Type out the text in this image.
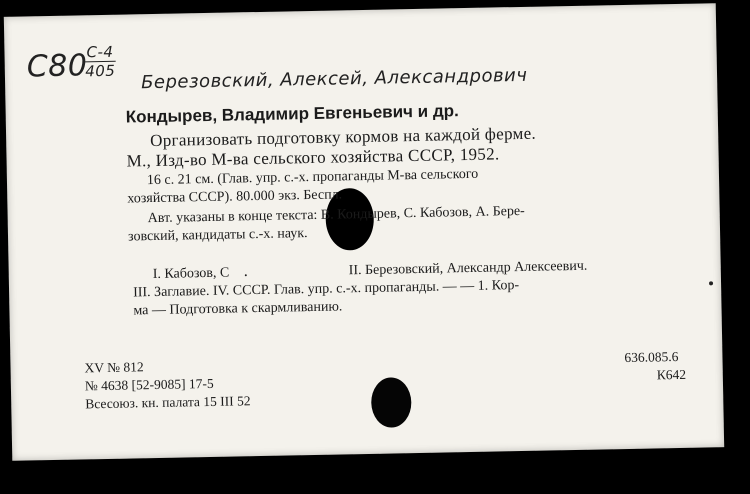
С80
С-4
405 Березовский, Алексей, Александрович
Кондырев, Владимир Евгеньевич и др.
Организовать подготовку кормов на каждой ферме.
М., Изд-во М-ва сельского хозяйства СССР, 1952.
16 с. 21 см. (Глав. упр. с.-х. пропаганды М-ва сельского
хозяйства СССР). 80.000 экз. Беспл.
Авт. указаны в конце текста: В. Кондырев, С. Кабозов, А. Бере-
зовский, кандидаты с.-х. наук.
I. Кабозов, С	II. Березовский, Александр Алексеевич.
III. Заглавие. IV. СССР. Глав. упр. с.-х. пропаганды. — — 1. Кор-
ма — Подготовка к скармливанию.
XV № 812
№ 4638 [52-9085] 17-5
Всесоюз. кн. палата 15 III 52
636.085.6
К642
